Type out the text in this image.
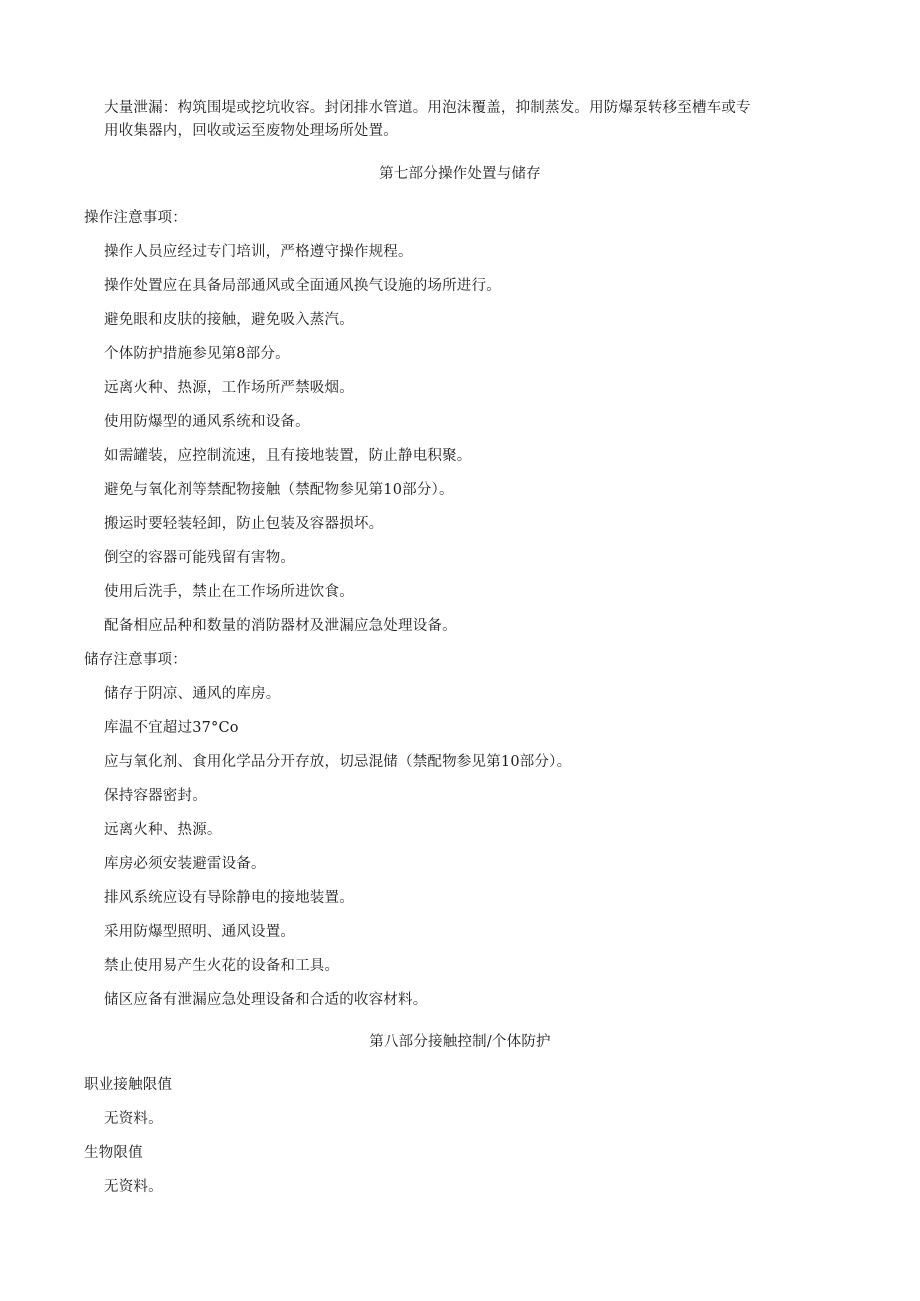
大量泄漏：构筑围堤或挖坑收容。封闭排水管道。用泡沫覆盖，抑制蒸发。用防爆泵转移至槽车或专
用收集器内，回收或运至废物处理场所处置。
第七部分操作处置与储存
操作注意事项：
操作人员应经过专门培训，严格遵守操作规程。
操作处置应在具备局部通风或全面通风换气设施的场所进行。
避免眼和皮肤的接触，避免吸入蒸汽。
个体防护措施参见第8部分。
远离火种、热源，工作场所严禁吸烟。
使用防爆型的通风系统和设备。
如需罐装，应控制流速，且有接地装置，防止静电积聚。
避免与氧化剂等禁配物接触（禁配物参见第10部分）。
搬运时要轻装轻卸，防止包装及容器损坏。
倒空的容器可能残留有害物。
使用后洗手，禁止在工作场所进饮食。
配备相应品种和数量的消防器材及泄漏应急处理设备。
储存注意事项：
储存于阴凉、通风的库房。
库温不宜超过37°Co
应与氧化剂、食用化学品分开存放，切忌混储（禁配物参见第10部分）。
保持容器密封。
远离火种、热源。
库房必须安装避雷设备。
排风系统应设有导除静电的接地装置。
采用防爆型照明、通风设置。
禁止使用易产生火花的设备和工具。
储区应备有泄漏应急处理设备和合适的收容材料。
第八部分接触控制/个体防护
职业接触限值
无资料。
生物限值
无资料。
